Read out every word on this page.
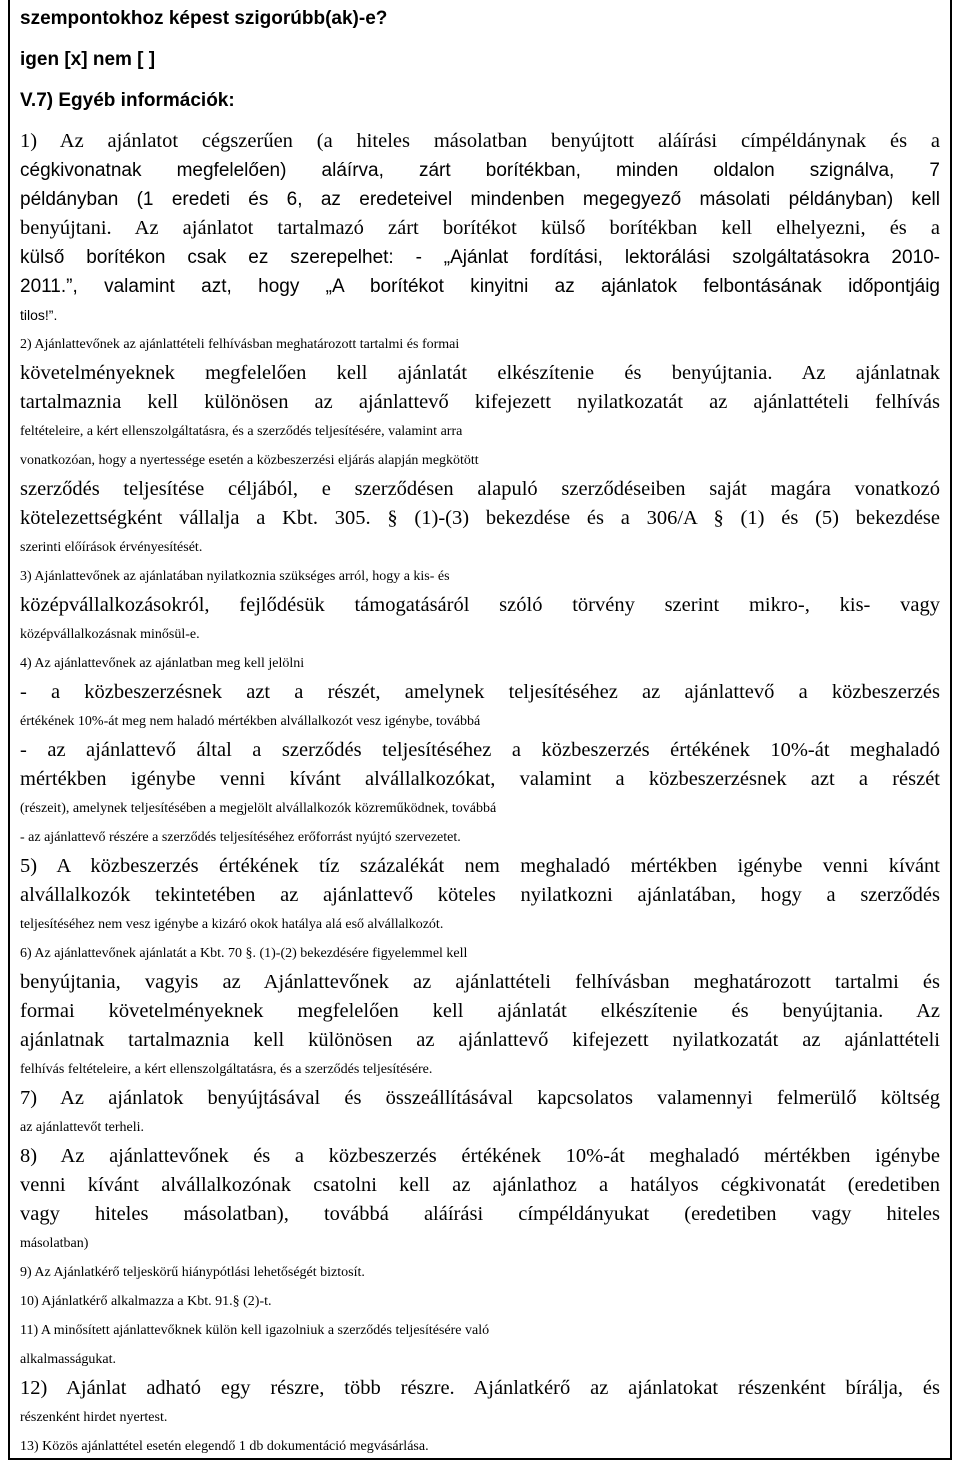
szempontokhoz képest szigorúbb(ak)-e?

igen [x] nem [ ]

V.7) Egyéb információk:

1) Az ajánlatot cégszerűen (a hiteles másolatban benyújtott aláírási címpéldánynak és a

cégkivonatnak megfelelően) aláírva, zárt borítékban, minden oldalon szignálva, 7

példányban (1 eredeti és 6, az eredeteivel mindenben megegyező másolati példányban) kell

benyújtani. Az ajánlatot tartalmazó zárt borítékot külső borítékban kell elhelyezni, és a

külső borítékon csak ez szerepelhet: - „Ajánlat fordítási, lektorálási szolgáltatásokra 2010-

2011.”, valamint azt, hogy „A borítékot kinyitni az ajánlatok felbontásának időpontjáig

tilos!”.

2) Ajánlattevőnek az ajánlattételi felhívásban meghatározott tartalmi és formai

követelményeknek megfelelően kell ajánlatát elkészítenie és benyújtania. Az ajánlatnak

tartalmaznia kell különösen az ajánlattevő kifejezett nyilatkozatát az ajánlattételi felhívás

feltételeire, a kért ellenszolgáltatásra, és a szerződés teljesítésére, valamint arra

vonatkozóan, hogy a nyertessége esetén a közbeszerzési eljárás alapján megkötött

szerződés teljesítése céljából, e szerződésen alapuló szerződéseiben saját magára vonatkozó

kötelezettségként vállalja a Kbt. 305. § (1)-(3) bekezdése és a 306/A § (1) és (5) bekezdése

szerinti előírások érvényesítését.

3) Ajánlattevőnek az ajánlatában nyilatkoznia szükséges arról, hogy a kis- és

középvállalkozásokról, fejlődésük támogatásáról szóló törvény szerint mikro-, kis- vagy

középvállalkozásnak minősül-e.

4) Az ajánlattevőnek az ajánlatban meg kell jelölni

- a közbeszerzésnek azt a részét, amelynek teljesítéséhez az ajánlattevő a közbeszerzés

értékének 10%-át meg nem haladó mértékben alvállalkozót vesz igénybe, továbbá

- az ajánlattevő által a szerződés teljesítéséhez a közbeszerzés értékének 10%-át meghaladó

mértékben igénybe venni kívánt alvállalkozókat, valamint a közbeszerzésnek azt a részét

(részeit), amelynek teljesítésében a megjelölt alvállalkozók közreműködnek, továbbá

- az ajánlattevő részére a szerződés teljesítéséhez erőforrást nyújtó szervezetet.

5) A közbeszerzés értékének tíz százalékát nem meghaladó mértékben igénybe venni kívánt

alvállalkozók tekintetében az ajánlattevő köteles nyilatkozni ajánlatában, hogy a szerződés

teljesítéséhez nem vesz igénybe a kizáró okok hatálya alá eső alvállalkozót.

6) Az ajánlattevőnek ajánlatát a Kbt. 70 §. (1)-(2) bekezdésére figyelemmel kell

benyújtania, vagyis az Ajánlattevőnek az ajánlattételi felhívásban meghatározott tartalmi és

formai követelményeknek megfelelően kell ajánlatát elkészítenie és benyújtania. Az

ajánlatnak tartalmaznia kell különösen az ajánlattevő kifejezett nyilatkozatát az ajánlattételi

felhívás feltételeire, a kért ellenszolgáltatásra, és a szerződés teljesítésére.

7) Az ajánlatok benyújtásával és összeállításával kapcsolatos valamennyi felmerülő költség

az ajánlattevőt terheli.

8) Az ajánlattevőnek és a közbeszerzés értékének 10%-át meghaladó mértékben igénybe

venni kívánt alvállalkozónak csatolni kell az ajánlathoz a hatályos cégkivonatát (eredetiben

vagy hiteles másolatban), továbbá aláírási címpéldányukat (eredetiben vagy hiteles

másolatban)

9) Az Ajánlatkérő teljeskörű hiánypótlási lehetőségét biztosít.

10) Ajánlatkérő alkalmazza a Kbt. 91.§ (2)-t.

11) A minősített ajánlattevőknek külön kell igazolniuk a szerződés teljesítésére való

alkalmasságukat.

12) Ajánlat adható egy részre, több részre. Ajánlatkérő az ajánlatokat részenként bírálja, és

részenként hirdet nyertest.

13) Közös ajánlattétel esetén elegendő 1 db dokumentáció megvásárlása.
